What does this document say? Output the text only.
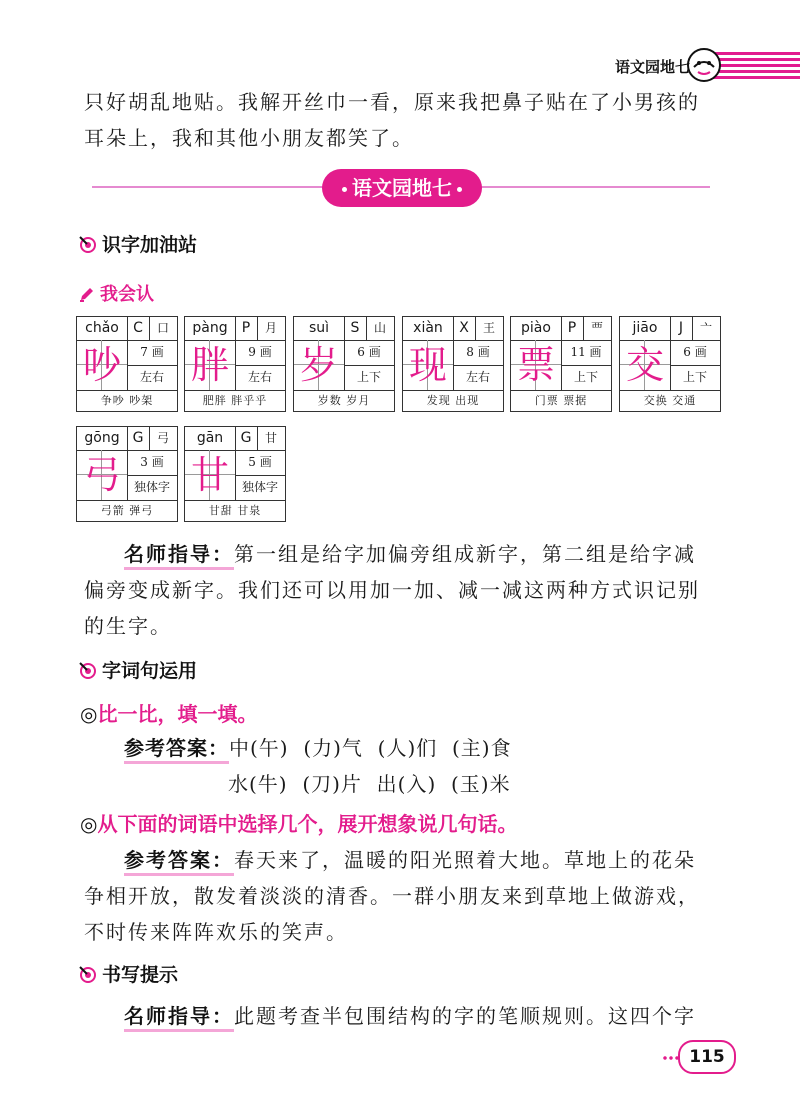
语文园地七

只好胡乱地贴。我解开丝巾一看，原来我把鼻子贴在了小男孩的

耳朵上，我和其他小朋友都笑了。

语文园地七
识字加油站
我会认
chǎo	C	口
吵	7 画
左右
争吵 吵架
pàng	P	月
胖	9 画
左右
肥胖 胖乎乎
suì	S	山
岁	6 画
上下
岁数 岁月
xiàn	X	王
现	8 画
左右
发现 出现
piào	P	覀
票	11 画
上下
门票 票据
jiāo	J	亠
交	6 画
上下
交换 交通
gōng G	弓
弓	3 画
独体字
弓箭 弹弓
gān	G	甘
甘	5 画
独体字
甘甜 甘泉

名师指导：第一组是给字加偏旁组成新字，第二组是给字减

偏旁变成新字。我们还可以用加一加、减一减这两种方式识记别

的生字。

字词句运用
◎比一比，填一填。
参考答案：中(午)  (力)气  (人)们  (主)食
水(牛)  (刀)片  出(入)  (玉)米
◎从下面的词语中选择几个，展开想象说几句话。

参考答案：春天来了，温暖的阳光照着大地。草地上的花朵

争相开放，散发着淡淡的清香。一群小朋友来到草地上做游戏，

不时传来阵阵欢乐的笑声。

书写提示

名师指导：此题考查半包围结构的字的笔顺规则。这四个字

115
